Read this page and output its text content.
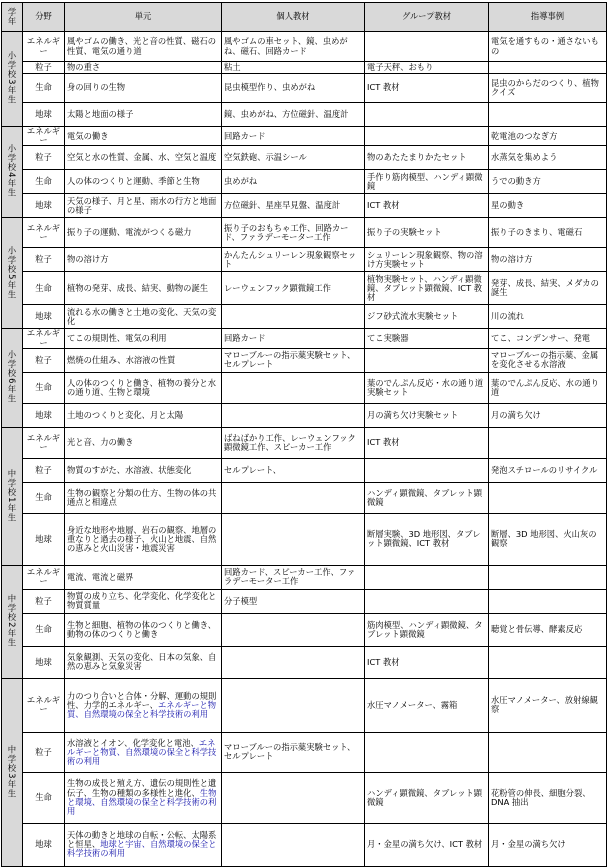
学年	分野	単元	個人教材	グループ教材	指導事例
小学校3年生	エネルギー	風やゴムの働き、光と音の性質、磁石の性質、電気の通り道	風やゴムの車セット、鏡、虫めがね、磁石、回路カード		電気を通すもの・通さないもの
	粒子	物の重さ	粘土	電子天秤、おもり	
	生命	身の回りの生物	昆虫模型作り、虫めがね	ICT 教材	昆虫のからだのつくり、植物クイズ
	地球	太陽と地面の様子	鏡、虫めがね、方位磁針、温度計		
小学校4年生	エネルギー	電気の働き	回路カード		乾電池のつなぎ方
	粒子	空気と水の性質、金属、水、空気と温度	空気鉄砲、示温シール	物のあたたまりかたセット	水蒸気を集めよう
	生命	人の体のつくりと運動、季節と生物	虫めがね	手作り筋肉模型、ハンディ顕微鏡	うでの動き方
	地球	天気の様子、月と星、雨水の行方と地面の様子	方位磁針、星座早見盤、温度計	ICT 教材	星の動き
小学校5年生	エネルギー	振り子の運動、電流がつくる磁力	振り子のおもちゃ工作、回路カード、ファラデーモーター工作	振り子の実験セット	振り子のきまり、電磁石
	粒子	物の溶け方	かんたんシュリーレン現象観察セット	シュリーレン現象観察、物の溶け方実験セット	物の溶け方
	生命	植物の発芽、成長、結実、動物の誕生	レーウェンフック顕微鏡工作	植物実験セット、ハンディ顕微鏡、タブレット顕微鏡、ICT 教材	発芽、成長、結実、メダカの誕生
	地球	流れる水の働きと土地の変化、天気の変化		ジフ砂式流水実験セット	川の流れ
小学校6年生	エネルギー	てこの規則性、電気の利用	回路カード	てこ実験器	てこ、コンデンサー、発電
	粒子	燃焼の仕組み、水溶液の性質	マローブルーの指示薬実験セット、セルプレート		マローブルーの指示薬、金属を変化させる水溶液
	生命	人の体のつくりと働き、植物の養分と水の通り道、生物と環境		葉のでんぷん反応・水の通り道実験セット	葉のでんぷん反応、水の通り道
	地球	土地のつくりと変化、月と太陽		月の満ち欠け実験セット	月の満ち欠け
中学校1年生	エネルギー	光と音、力の働き	ばねばかり工作、レーウェンフック顕微鏡工作、スピーカー工作	ICT 教材	
	粒子	物質のすがた、水溶液、状態変化	セルプレート、		発泡スチロールのリサイクル
	生命	生物の観察と分類の仕方、生物の体の共通点と相違点		ハンディ顕微鏡、タブレット顕微鏡	
	地球	身近な地形や地層、岩石の観察、地層の重なりと過去の様子、火山と地震、自然の恵みと火山災害・地震災害		断層実験、3D 地形図、タブレット顕微鏡、ICT 教材	断層、3D 地形図、火山灰の観察
中学校2年生	エネルギー	電流、電流と磁界	回路カード、スピーカー工作、ファラデーモーター工作		
	粒子	物質の成り立ち、化学変化、化学変化と物質質量	分子模型		
	生命	生物と細胞、植物の体のつくりと働き、動物の体のつくりと働き		筋肉模型、ハンディ顕微鏡、タブレット顕微鏡	聴覚と骨伝導、酵素反応
	地球	気象観測、天気の変化、日本の気象、自然の恵みと気象災害		ICT 教材	
中学校3年生	エネルギー	力のつり合いと合体・分解、運動の規則性、力学的エネルギー、エネルギーと物質、自然環境の保全と科学技術の利用		水圧マノメーター、霧箱	水圧マノメーター、放射線観察
	粒子	水溶液とイオン、化学変化と電池、エネルギーと物質、自然環境の保全と科学技術の利用	マローブルーの指示薬実験セット、セルプレート		
	生命	生物の成長と殖え方、遺伝の規則性と遺伝子、生物の種類の多様性と進化、生物と環境、自然環境の保全と科学技術の利用		ハンディ顕微鏡、タブレット顕微鏡	花粉管の伸長、細胞分裂、DNA 抽出
	地球	天体の動きと地球の自転・公転、太陽系と恒星、地球と宇宙、自然環境の保全と科学技術の利用		月・金星の満ち欠け、ICT 教材	月・金星の満ち欠け
